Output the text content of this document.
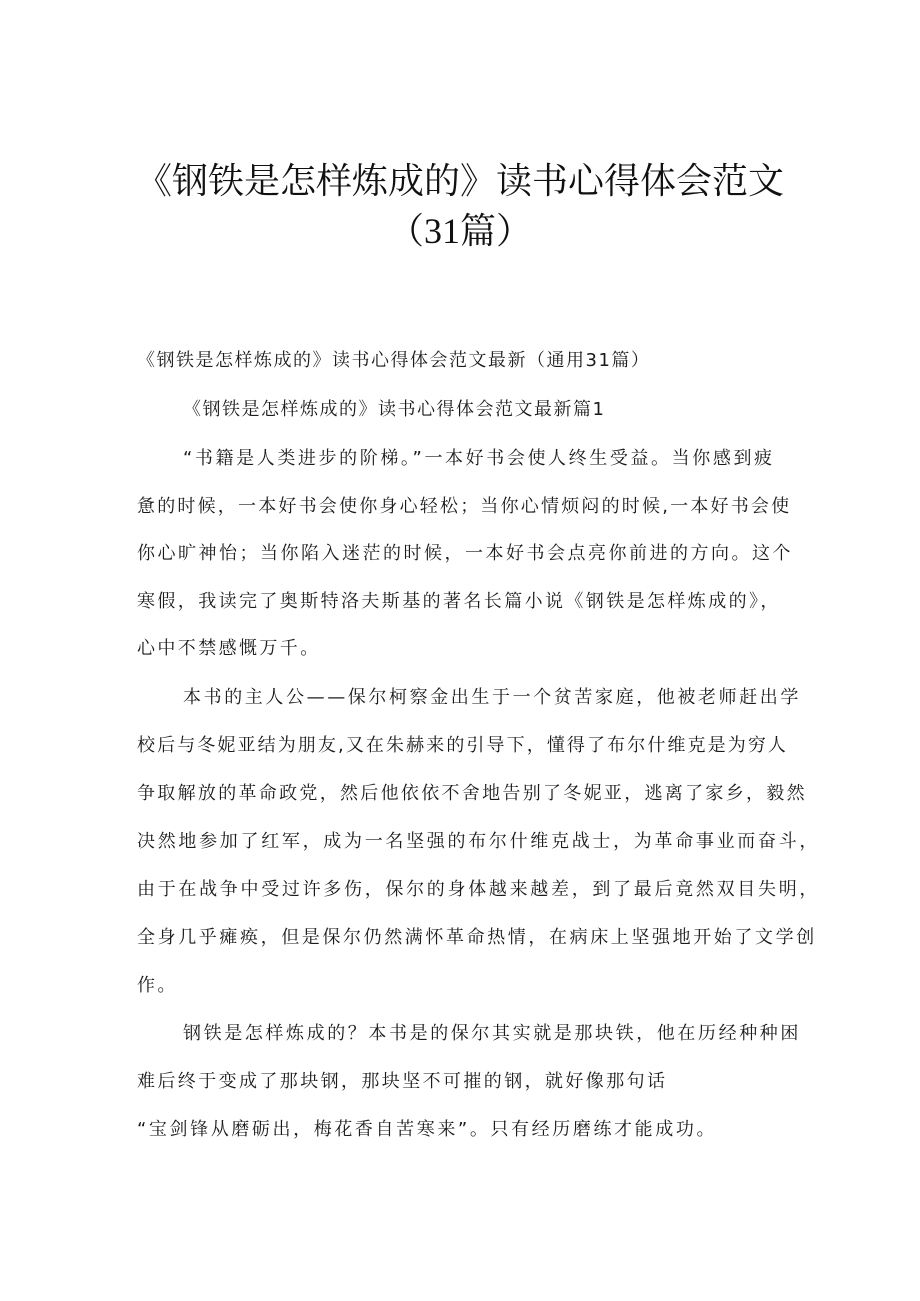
《钢铁是怎样炼成的》读书心得体会范文
（31篇）
《钢铁是怎样炼成的》读书心得体会范文最新（通用31篇）
《钢铁是怎样炼成的》读书心得体会范文最新篇1
“书籍是人类进步的阶梯。”一本好书会使人终生受益。当你感到疲
惫的时候，一本好书会使你身心轻松；当你心情烦闷的时候,一本好书会使
你心旷神怡；当你陷入迷茫的时候，一本好书会点亮你前进的方向。这个
寒假，我读完了奥斯特洛夫斯基的著名长篇小说《钢铁是怎样炼成的》，
心中不禁感慨万千。
本书的主人公——保尔柯察金出生于一个贫苦家庭，他被老师赶出学
校后与冬妮亚结为朋友,又在朱赫来的引导下，懂得了布尔什维克是为穷人
争取解放的革命政党，然后他依依不舍地告别了冬妮亚，逃离了家乡，毅然
决然地参加了红军，成为一名坚强的布尔什维克战士，为革命事业而奋斗，
由于在战争中受过许多伤，保尔的身体越来越差，到了最后竟然双目失明，
全身几乎瘫痪，但是保尔仍然满怀革命热情，在病床上坚强地开始了文学创
作。
钢铁是怎样炼成的？本书是的保尔其实就是那块铁，他在历经种种困
难后终于变成了那块钢，那块坚不可摧的钢，就好像那句话
“宝剑锋从磨砺出，梅花香自苦寒来”。只有经历磨练才能成功。
